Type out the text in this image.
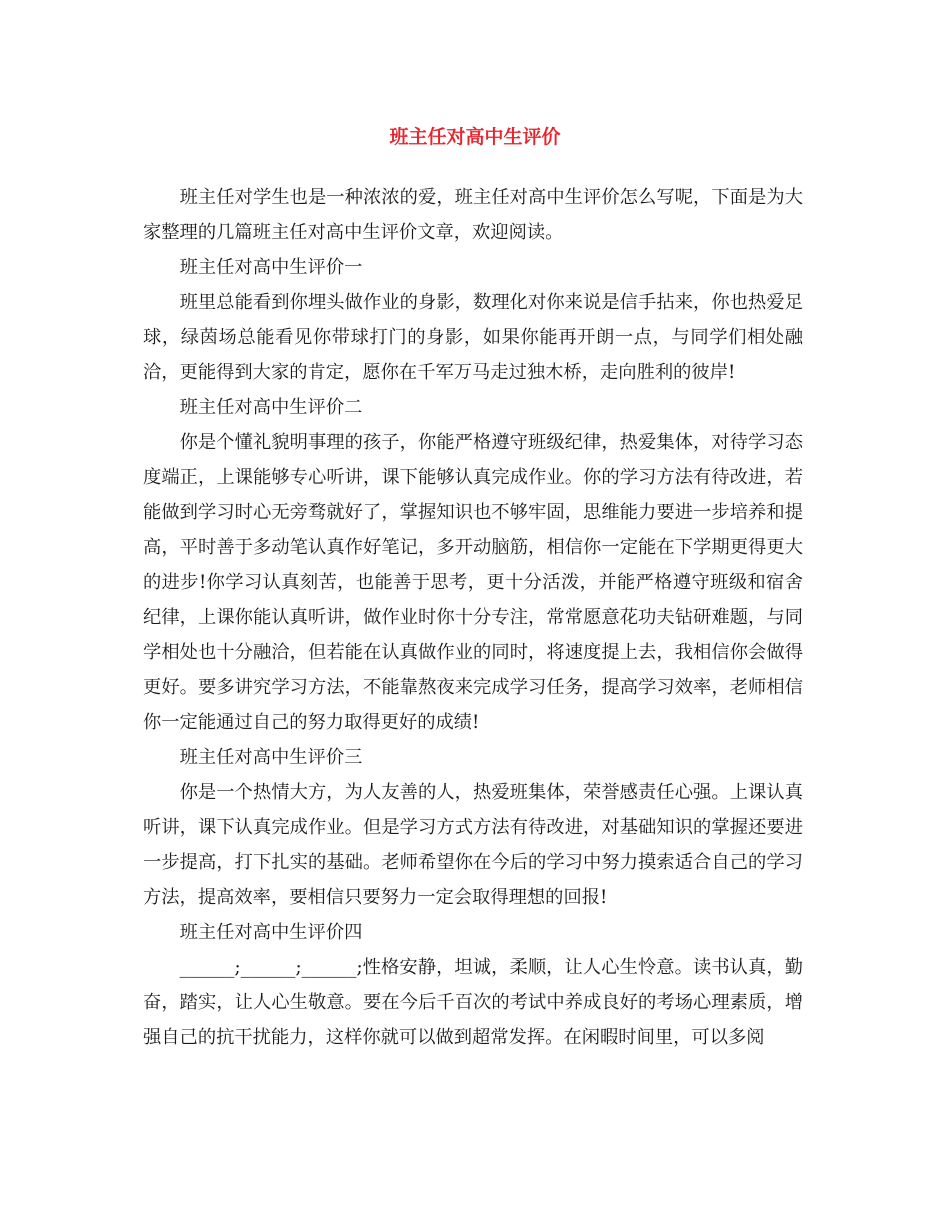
班主任对高中生评价

班主任对学生也是一种浓浓的爱，班主任对高中生评价怎么写呢，下面是为大家整理的几篇班主任对高中生评价文章，欢迎阅读。

班主任对高中生评价一

班里总能看到你埋头做作业的身影，数理化对你来说是信手拈来，你也热爱足球，绿茵场总能看见你带球打门的身影，如果你能再开朗一点，与同学们相处融洽，更能得到大家的肯定，愿你在千军万马走过独木桥，走向胜利的彼岸!

班主任对高中生评价二

你是个懂礼貌明事理的孩子，你能严格遵守班级纪律，热爱集体，对待学习态度端正，上课能够专心听讲，课下能够认真完成作业。你的学习方法有待改进，若能做到学习时心无旁骛就好了，掌握知识也不够牢固，思维能力要进一步培养和提高，平时善于多动笔认真作好笔记，多开动脑筋，相信你一定能在下学期更得更大的进步!你学习认真刻苦，也能善于思考，更十分活泼，并能严格遵守班级和宿舍纪律，上课你能认真听讲，做作业时你十分专注，常常愿意花功夫钻研难题，与同学相处也十分融洽，但若能在认真做作业的同时，将速度提上去，我相信你会做得更好。要多讲究学习方法，不能靠熬夜来完成学习任务，提高学习效率，老师相信你一定能通过自己的努力取得更好的成绩!

班主任对高中生评价三

你是一个热情大方，为人友善的人，热爱班集体，荣誉感责任心强。上课认真听讲，课下认真完成作业。但是学习方式方法有待改进，对基础知识的掌握还要进一步提高，打下扎实的基础。老师希望你在今后的学习中努力摸索适合自己的学习方法，提高效率，要相信只要努力一定会取得理想的回报!

班主任对高中生评价四

______;______;______;性格安静，坦诚，柔顺，让人心生怜意。读书认真，勤奋，踏实，让人心生敬意。要在今后千百次的考试中养成良好的考场心理素质，增强自己的抗干扰能力，这样你就可以做到超常发挥。在闲暇时间里，可以多阅
